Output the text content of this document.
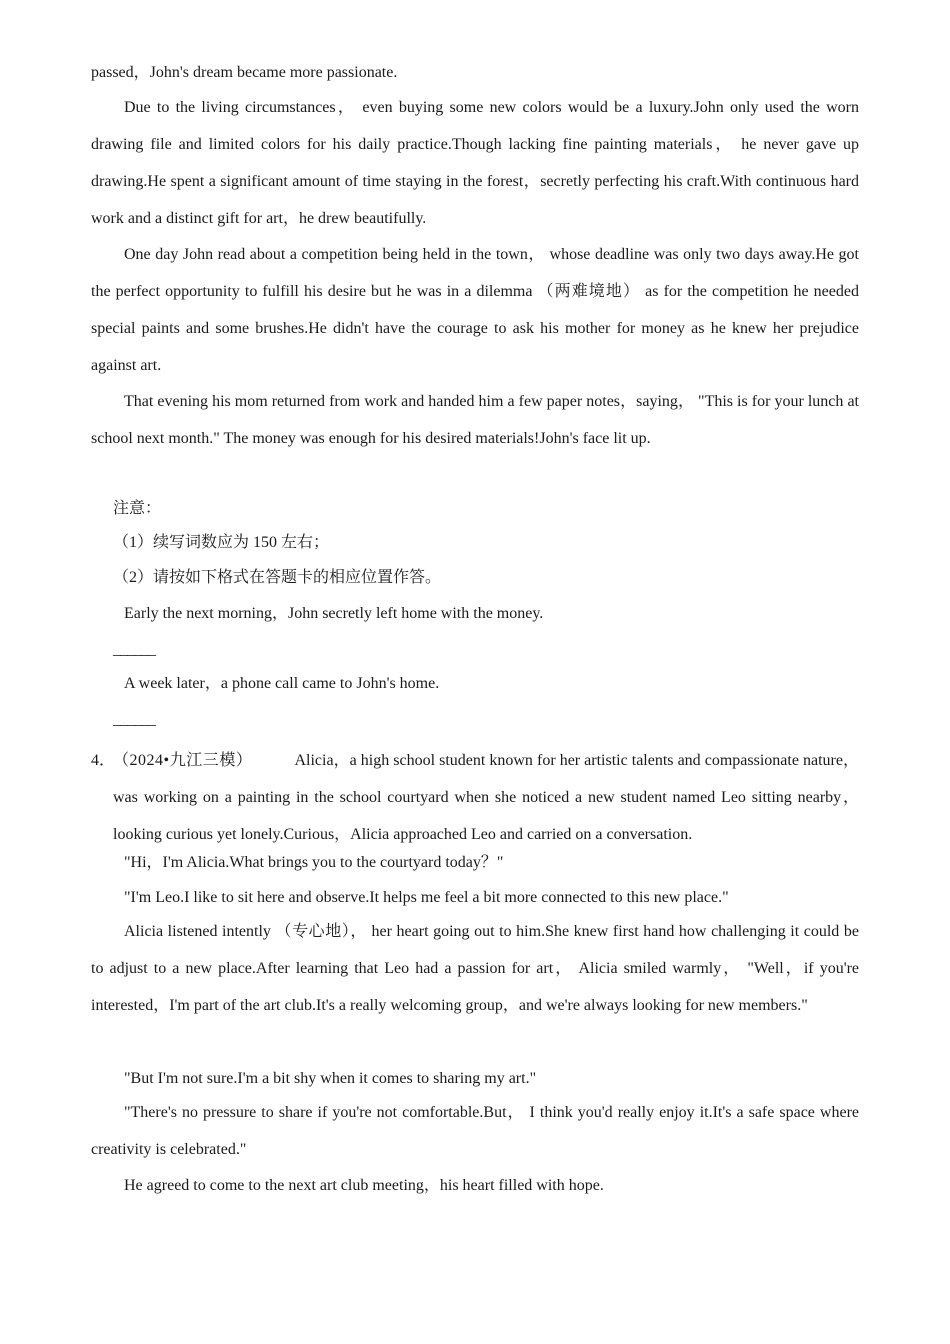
passed，John's dream became more passionate.

Due to the living circumstances， even buying some new colors would be a luxury.John only used the worn drawing file and limited colors for his daily practice.Though lacking fine painting materials， he never gave up drawing.He spent a significant amount of time staying in the forest，secretly perfecting his craft.With continuous hard work and a distinct gift for art，he drew beautifully.

One day John read about a competition being held in the town， whose deadline was only two days away.He got the perfect opportunity to fulfill his desire but he was in a dilemma （两难境地） as for the competition he needed special paints and some brushes.He didn't have the courage to ask his mother for money as he knew her prejudice against art.

That evening his mom returned from work and handed him a few paper notes，saying， "This is for your lunch at school next month." The money was enough for his desired materials!John's face lit up.

注意：

（1）续写词数应为 150 左右；

（2）请按如下格式在答题卡的相应位置作答。

Early the next morning，John secretly left home with the money.

______

A week later，a phone call came to John's home.

______

4．
（2024•九江三模）	Alicia，a high school student known for her artistic talents and compassionate nature，was working on a painting in the school courtyard when she noticed a new student named Leo sitting nearby，looking curious yet lonely.Curious，Alicia approached Leo and carried on a conversation.

"Hi，I'm Alicia.What brings you to the courtyard today？"

"I'm Leo.I like to sit here and observe.It helps me feel a bit more connected to this new place."

Alicia listened intently （专心地）， her heart going out to him.She knew first hand how challenging it could be to adjust to a new place.After learning that Leo had a passion for art， Alicia smiled warmly， "Well，if you're interested，I'm part of the art club.It's a really welcoming group，and we're always looking for new members."

"But I'm not sure.I'm a bit shy when it comes to sharing my art."

"There's no pressure to share if you're not comfortable.But， I think you'd really enjoy it.It's a safe space where creativity is celebrated."

He agreed to come to the next art club meeting，his heart filled with hope.
